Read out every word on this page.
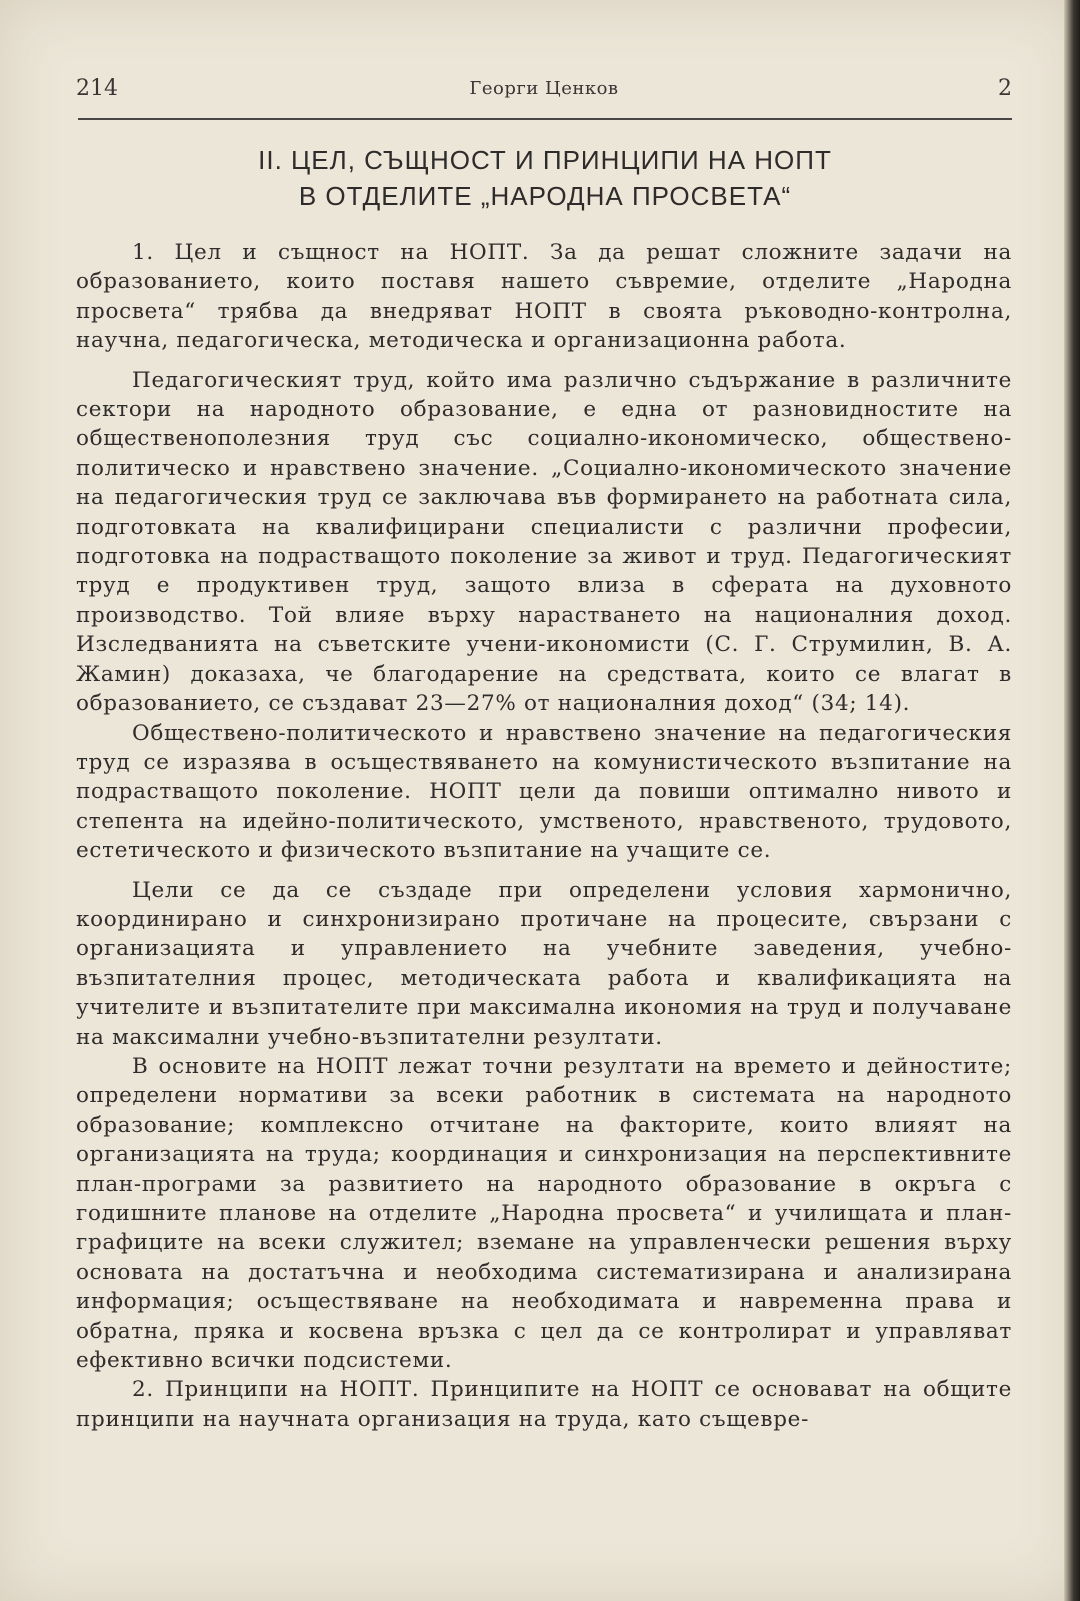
214	Георги Ценков	2
II. ЦЕЛ, СЪЩНОСТ И ПРИНЦИПИ НА НОПТ
В ОТДЕЛИТЕ „НАРОДНА ПРОСВЕТА“

1. Цел и същност на НОПТ. За да решат сложните задачи на образованието, които поставя нашето съвремие, отделите „Народна просвета“ трябва да внедряват НОПТ в своята ръководно-контролна, научна, педагогическа, методическа и организационна работа.

Педагогическият труд, който има различно съдържание в различните сектори на народното образование, е една от разновидностите на общественополезния труд със социално-икономическо, обществено-политическо и нравствено значение. „Социално-икономическото значение на педагогическия труд се заключава във формирането на работната сила, подготовката на квалифицирани специалисти с различни професии, подготовка на подрастващото поколение за живот и труд. Педагогическият труд е продуктивен труд, защото влиза в сферата на духовното производство. Той влияе върху нарастването на националния доход. Изследванията на съветските учени-икономисти (С. Г. Струмилин, В. А. Жамин) доказаха, че благодарение на средствата, които се влагат в образованието, се създават 23—27% от националния доход“ (34; 14).

Обществено-политическото и нравствено значение на педагогическия труд се изразява в осъществяването на комунистическото възпитание на подрастващото поколение. НОПТ цели да повиши оптимално нивото и степента на идейно-политическото, умственото, нравственото, трудовото, естетическото и физическото възпитание на учащите се.

Цели се да се създаде при определени условия хармонично, координирано и синхронизирано протичане на процесите, свързани с организацията и управлението на учебните заведения, учебно-възпитателния процес, методическата работа и квалификацията на учителите и възпитателите при максимална икономия на труд и получаване на максимални учебно-възпитателни резултати.

В основите на НОПТ лежат точни резултати на времето и дейностите; определени нормативи за всеки работник в системата на народното образование; комплексно отчитане на факторите, които влияят на организацията на труда; координация и синхронизация на перспективните план-програми за развитието на народното образование в окръга с годишните планове на отделите „Народна просвета“ и училищата и план-графиците на всеки служител; вземане на управленчески решения върху основата на достатъчна и необходима систематизирана и анализирана информация; осъществяване на необходимата и навременна права и обратна, пряка и косвена връзка с цел да се контролират и управляват ефективно всички подсистеми.

2. Принципи на НОПТ. Принципите на НОПТ се основават на общите принципи на научната организация на труда, като същевре-
